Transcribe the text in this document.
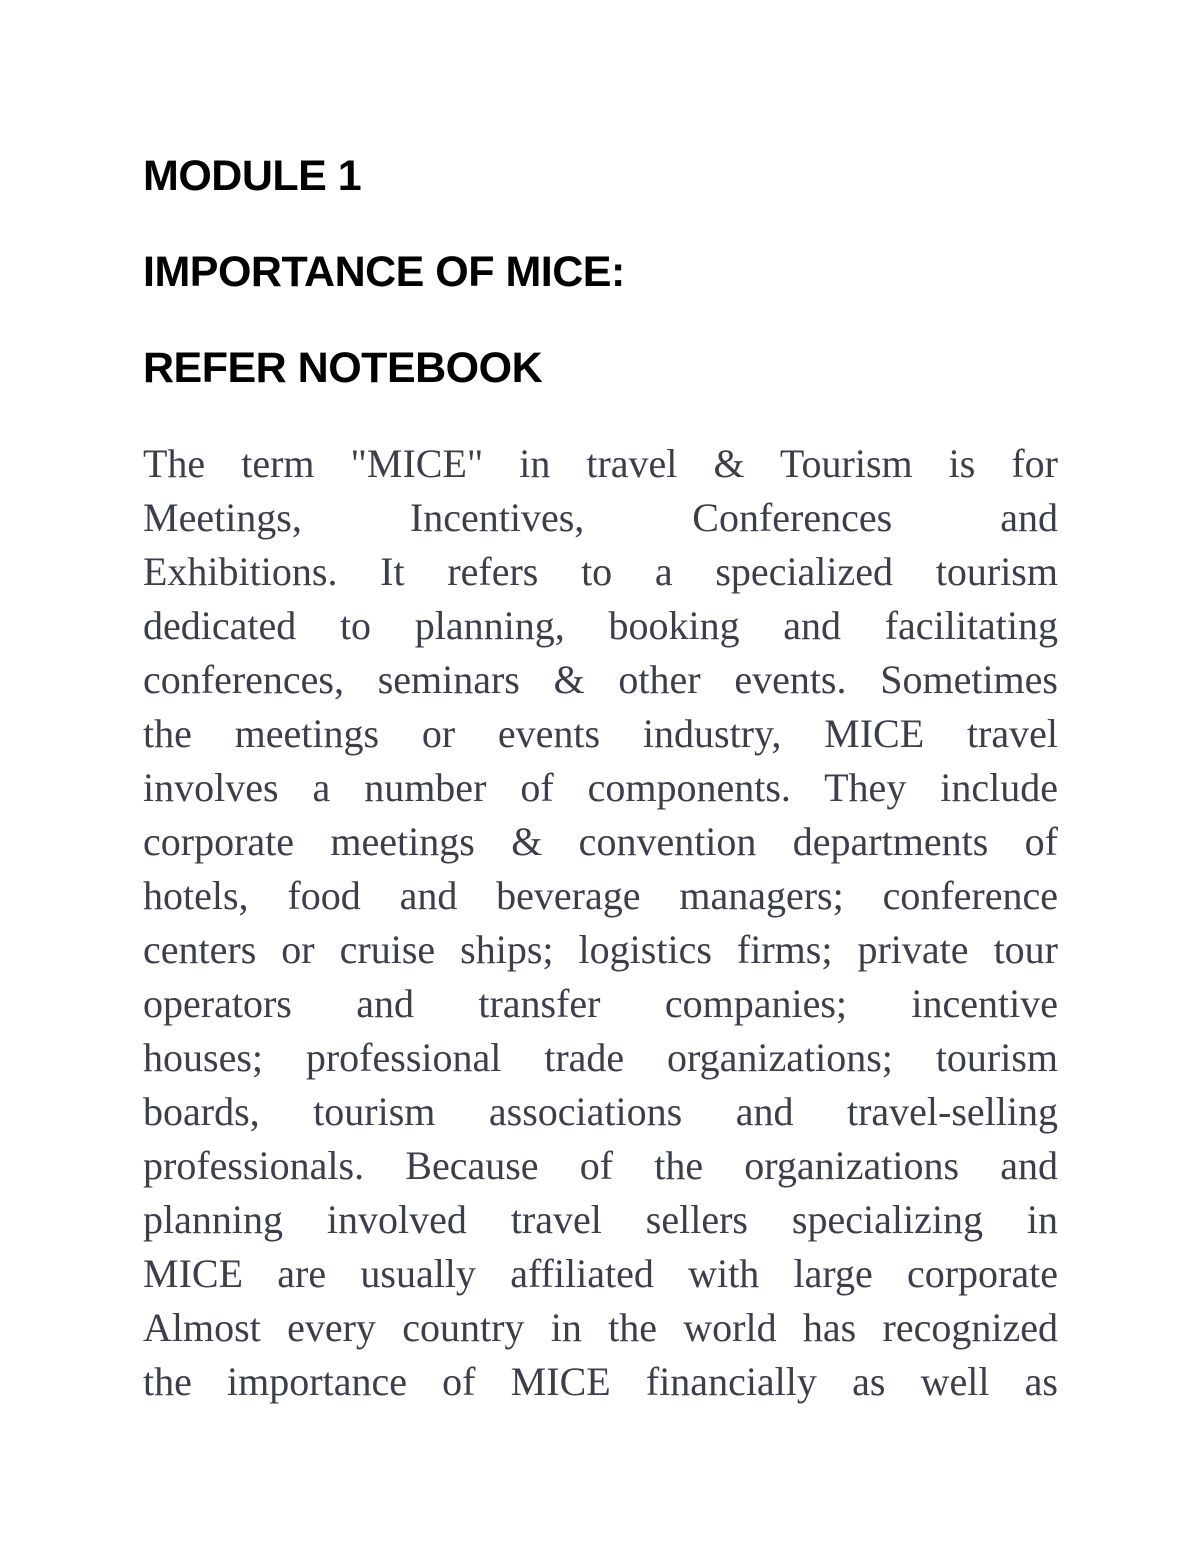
MODULE 1
IMPORTANCE OF MICE:
REFER NOTEBOOK
The term "MICE" in travel & Tourism is for
Meetings, Incentives, Conferences and
Exhibitions. It refers to a specialized tourism
dedicated to planning, booking and facilitating
conferences, seminars & other events. Sometimes
the meetings or events industry, MICE travel
involves a number of components. They include
corporate meetings & convention departments of
hotels, food and beverage managers; conference
centers or cruise ships; logistics firms; private tour
operators and transfer companies; incentive
houses; professional trade organizations; tourism
boards, tourism associations and travel-selling
professionals. Because of the organizations and
planning involved travel sellers specializing in
MICE are usually affiliated with large corporate
Almost every country in the world has recognized
the importance of MICE financially as well as
